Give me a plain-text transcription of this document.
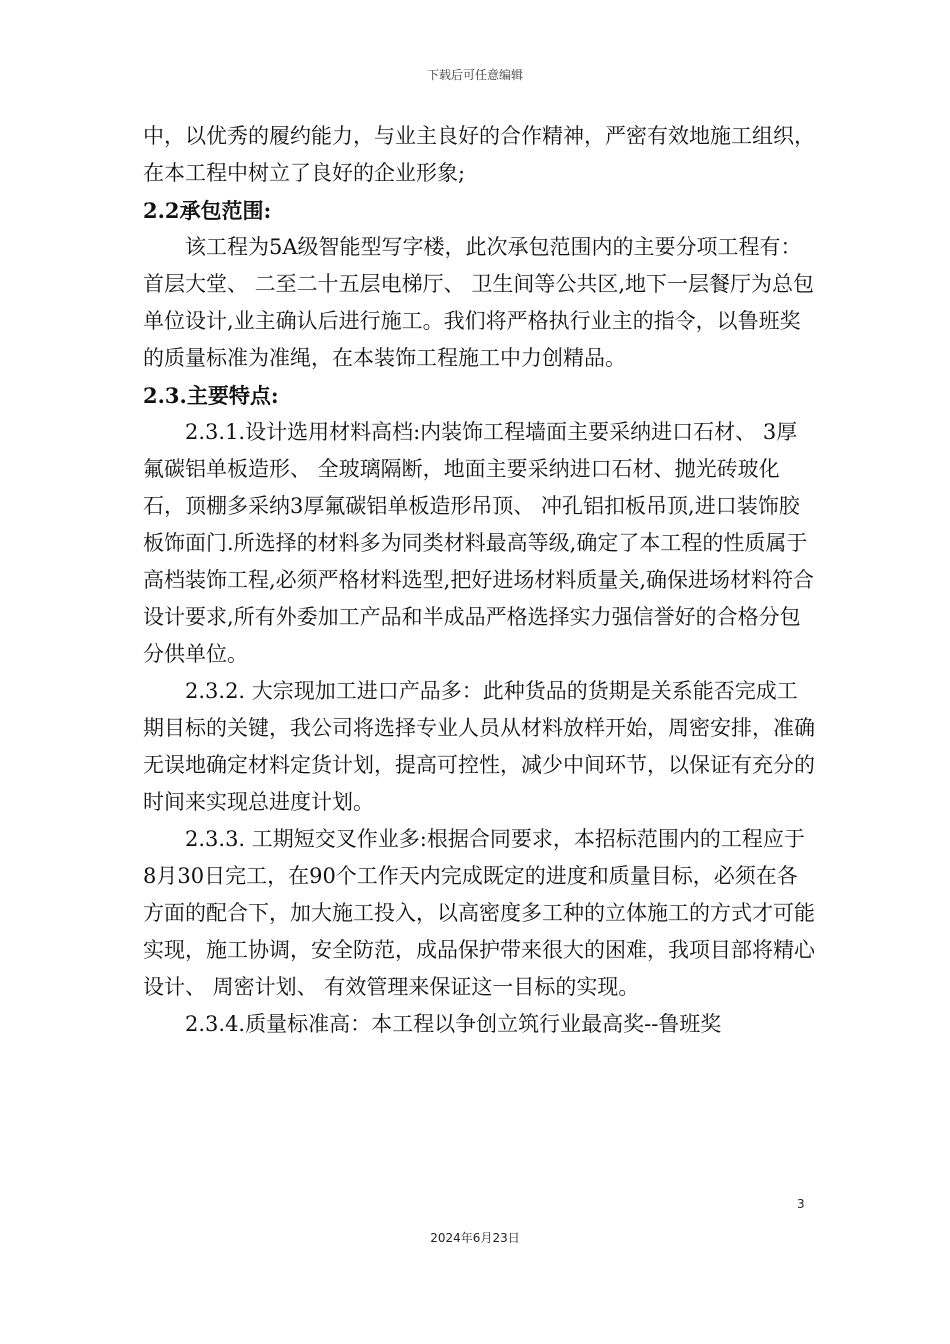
下载后可任意编辑

中，以优秀的履约能力，与业主良好的合作精神，严密有效地施工组织，在本工程中树立了良好的企业形象;

2.2承包范围:

该工程为5A级智能型写字楼，此次承包范围内的主要分项工程有：首层大堂、 二至二十五层电梯厅、 卫生间等公共区,地下一层餐厅为总包单位设计,业主确认后进行施工。我们将严格执行业主的指令，以鲁班奖的质量标准为准绳，在本装饰工程施工中力创精品。

2.3.主要特点:

2.3.1.设计选用材料高档:内装饰工程墙面主要采纳进口石材、 3厚氟碳铝单板造形、 全玻璃隔断，地面主要采纳进口石材、抛光砖玻化石，顶棚多采纳3厚氟碳铝单板造形吊顶、 冲孔铝扣板吊顶,进口装饰胶板饰面门.所选择的材料多为同类材料最高等级,确定了本工程的性质属于高档装饰工程,必须严格材料选型,把好进场材料质量关,确保进场材料符合设计要求,所有外委加工产品和半成品严格选择实力强信誉好的合格分包分供单位。

2.3.2. 大宗现加工进口产品多：此种货品的货期是关系能否完成工期目标的关键，我公司将选择专业人员从材料放样开始，周密安排，准确无误地确定材料定货计划，提高可控性，减少中间环节，以保证有充分的时间来实现总进度计划。

2.3.3. 工期短交叉作业多:根据合同要求，本招标范围内的工程应于8月30日完工，在90个工作天内完成既定的进度和质量目标，必须在各方面的配合下，加大施工投入，以高密度多工种的立体施工的方式才可能实现，施工协调，安全防范，成品保护带来很大的困难，我项目部将精心设计、 周密计划、 有效管理来保证这一目标的实现。

2.3.4.质量标准高：本工程以争创立筑行业最高奖--鲁班奖

3
2024年6月23日
